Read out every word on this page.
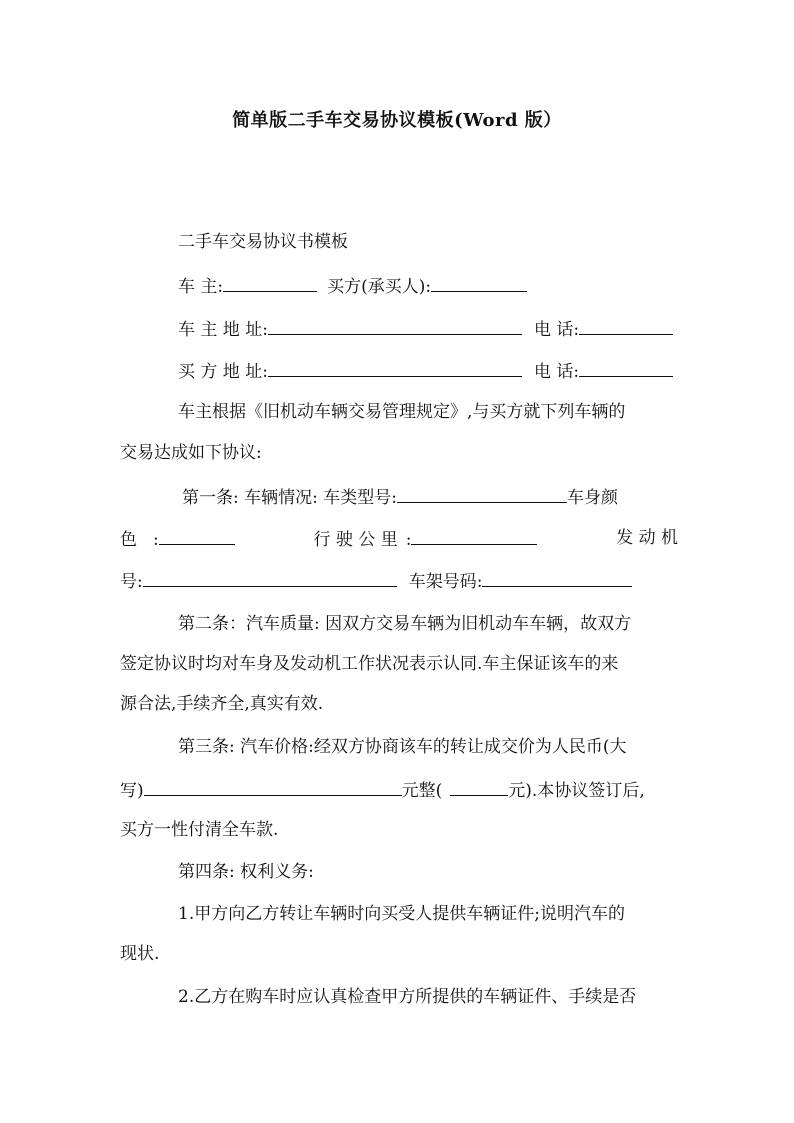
简单版二手车交易协议模板(Word 版）
二手车交易协议书模板
车 主:	买方(承买人):
车 主 地 址:	电 话:
买 方 地 址:	电 话:
车主根据《旧机动车辆交易管理规定》,与买方就下列车辆的
交易达成如下协议:
第一条: 车辆情况: 车类型号:	车身颜
色 :	行 驶 公 里 :	发 动 机
号:	车架号码:
第二条：汽车质量: 因双方交易车辆为旧机动车车辆，故双方
签定协议时均对车身及发动机工作状况表示认同.车主保证该车的来
源合法,手续齐全,真实有效.
第三条: 汽车价格:经双方协商该车的转让成交价为人民币(大
写)	元整(	元).本协议签订后,
买方一性付清全车款.
第四条: 权利义务:
1.甲方向乙方转让车辆时向买受人提供车辆证件;说明汽车的
现状.
2.乙方在购车时应认真检查甲方所提供的车辆证件、手续是否
